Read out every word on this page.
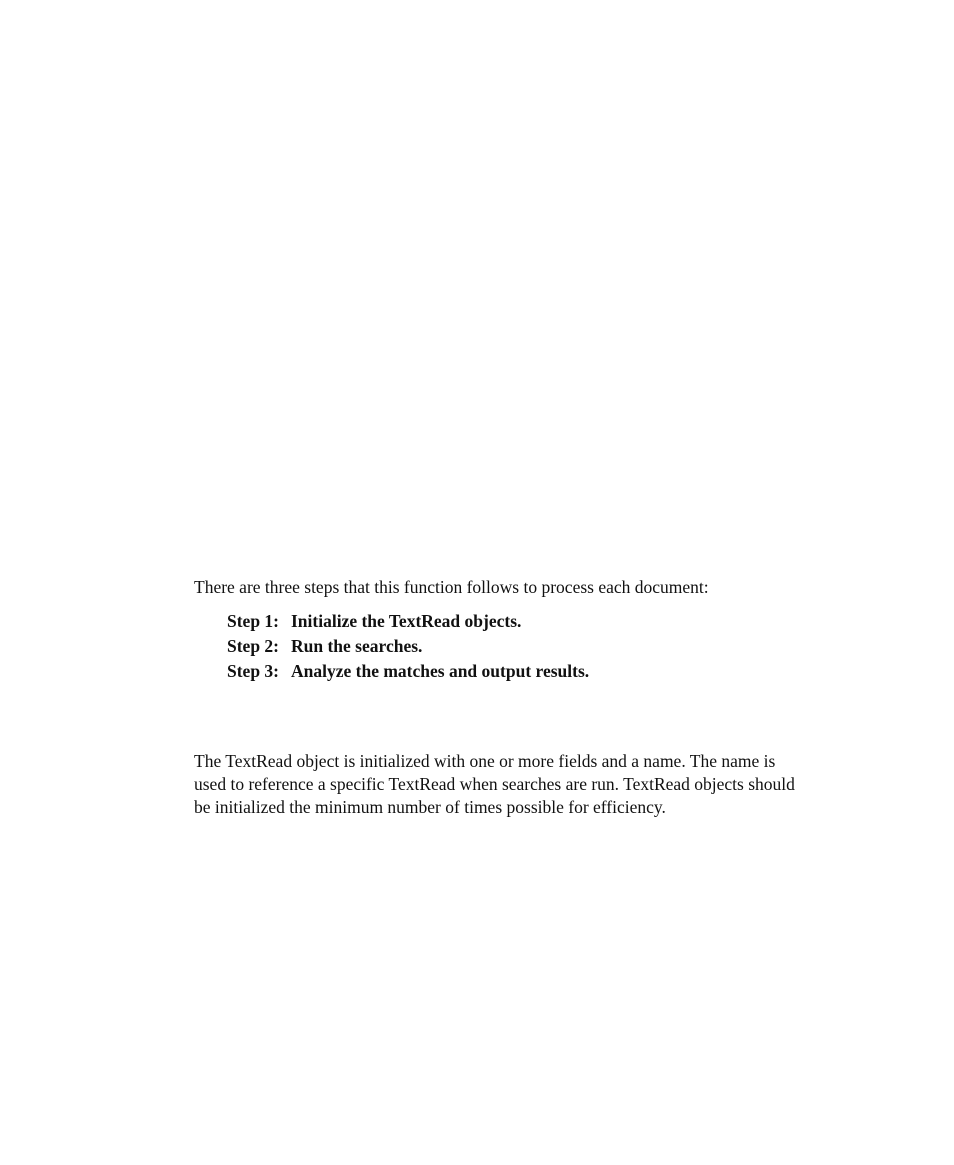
There are three steps that this function follows to process each document:

Step 1: Initialize the TextRead objects.
Step 2: Run the searches.
Step 3: Analyze the matches and output results.

The TextRead object is initialized with one or more fields and a name. The name is
used to reference a specific TextRead when searches are run. TextRead objects should
be initialized the minimum number of times possible for efficiency.
